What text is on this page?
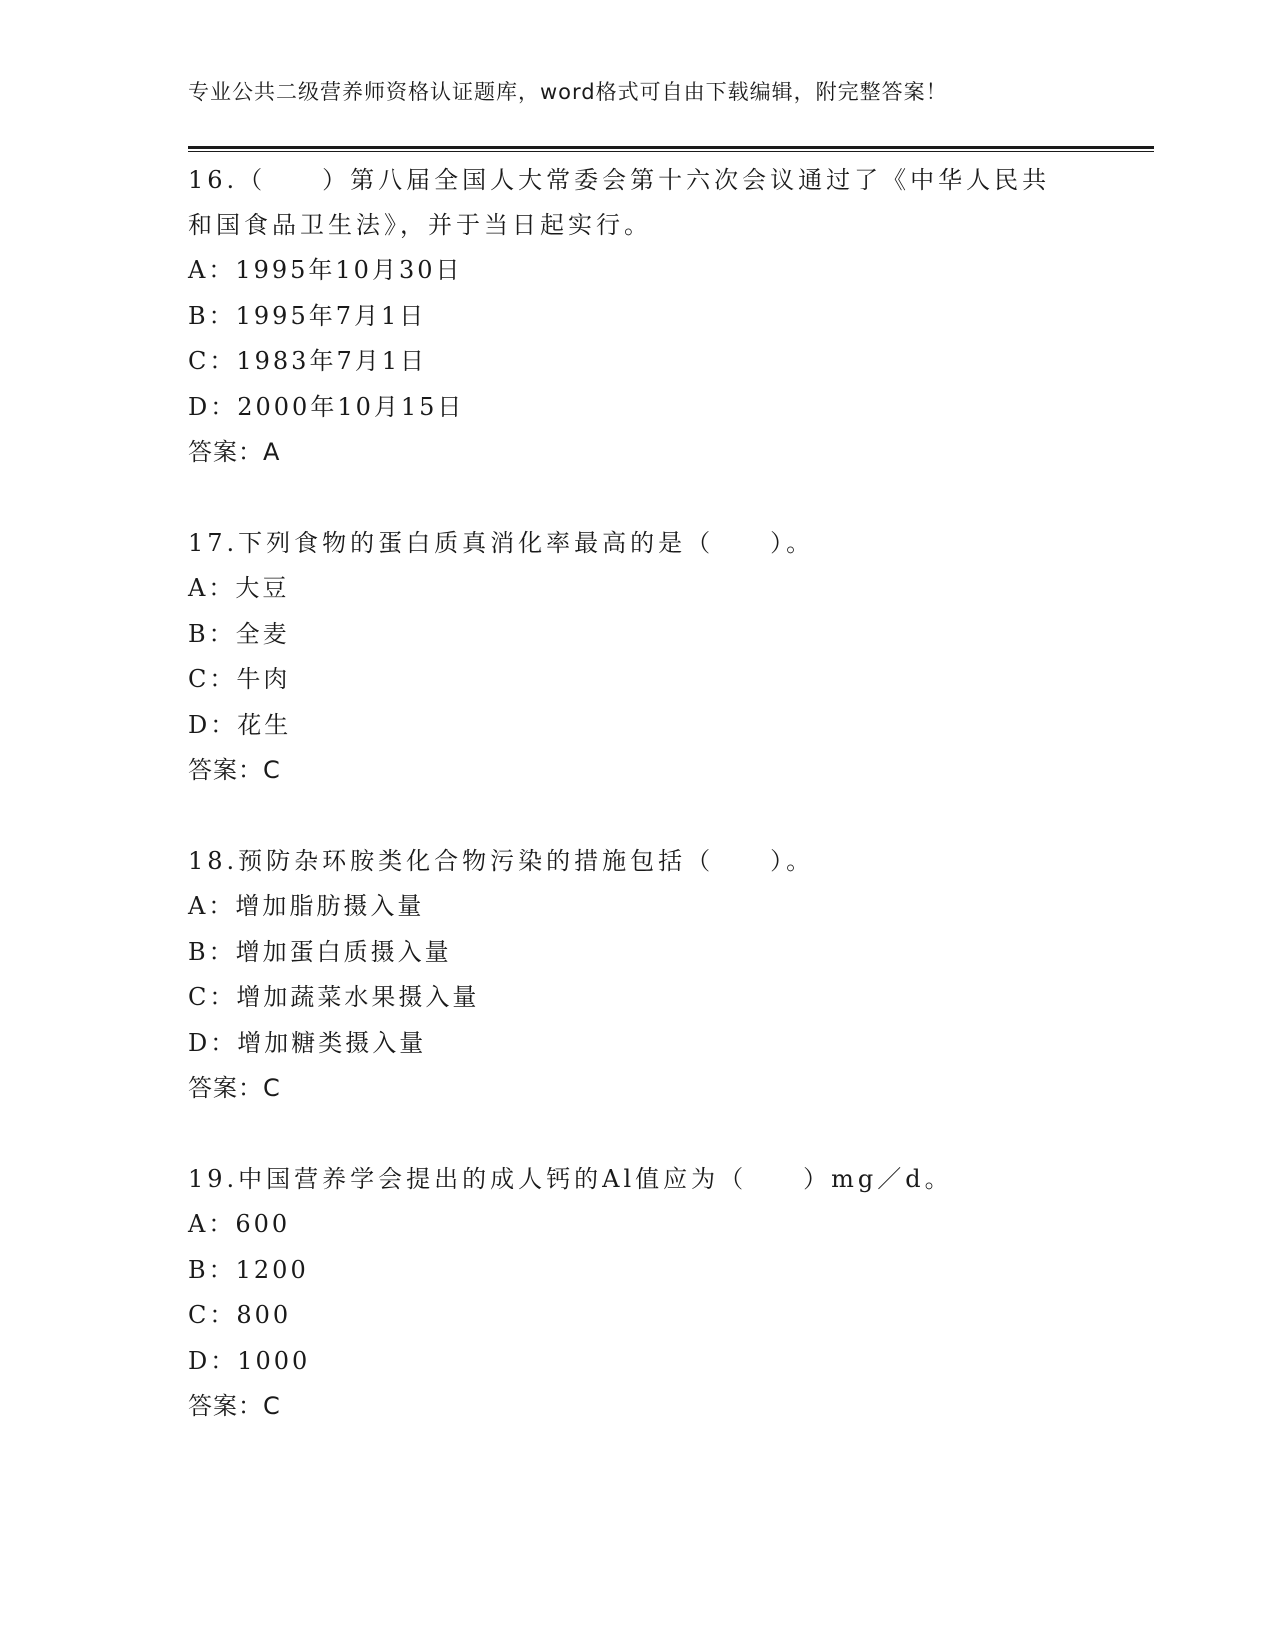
专业公共二级营养师资格认证题库，word格式可自由下载编辑，附完整答案！

16.（　　）第八届全国人大常委会第十六次会议通过了《中华人民共

和国食品卫生法》，并于当日起实行。

A：1995年10月30日

B：1995年7月1日

C：1983年7月1日

D：2000年10月15日

答案：A

17.下列食物的蛋白质真消化率最高的是（　　）。

A：大豆

B：全麦

C：牛肉

D：花生

答案：C

18.预防杂环胺类化合物污染的措施包括（　　）。

A：增加脂肪摄入量

B：增加蛋白质摄入量

C：增加蔬菜水果摄入量

D：增加糖类摄入量

答案：C

19.中国营养学会提出的成人钙的Al值应为（　　）mg／d。

A：600

B：1200

C：800

D：1000

答案：C
